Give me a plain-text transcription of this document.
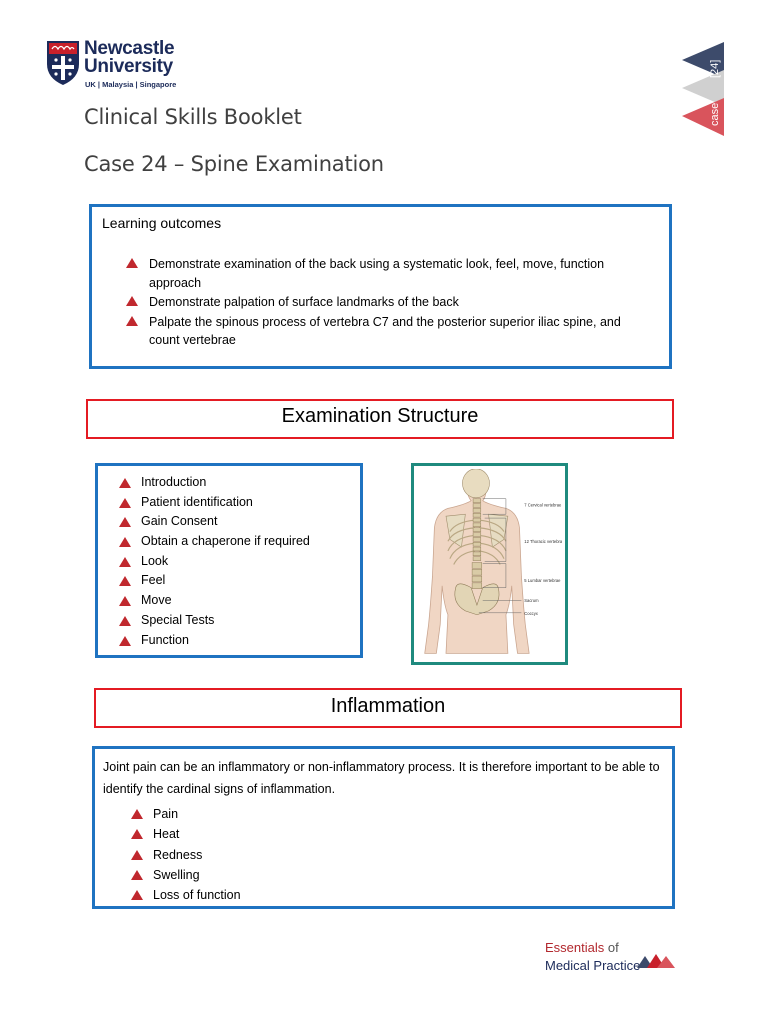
Newcastle
University
UK | Malaysia | Singapore
Clinical Skills Booklet
Case 24 – Spine Examination
[24]
case
Learning outcomes
Demonstrate examination of the back using a systematic look, feel, move, function approach
Demonstrate palpation of surface landmarks of the back
Palpate the spinous process of vertebra C7 and the posterior superior iliac spine, and count vertebrae
Examination Structure
Introduction
Patient identification
Gain Consent
Obtain a chaperone if required
Look
Feel
Move
Special Tests
Function
7 Cervical vertebrae
12 Thoracic vertebrae
5 Lumbar vertebrae
Sacrum
Coccyx
Inflammation
Joint pain can be an inflammatory or non-inflammatory process. It is therefore important to be able to identify the cardinal signs of inflammation.
Pain
Heat
Redness
Swelling
Loss of function
Essentials of
Medical Practice
